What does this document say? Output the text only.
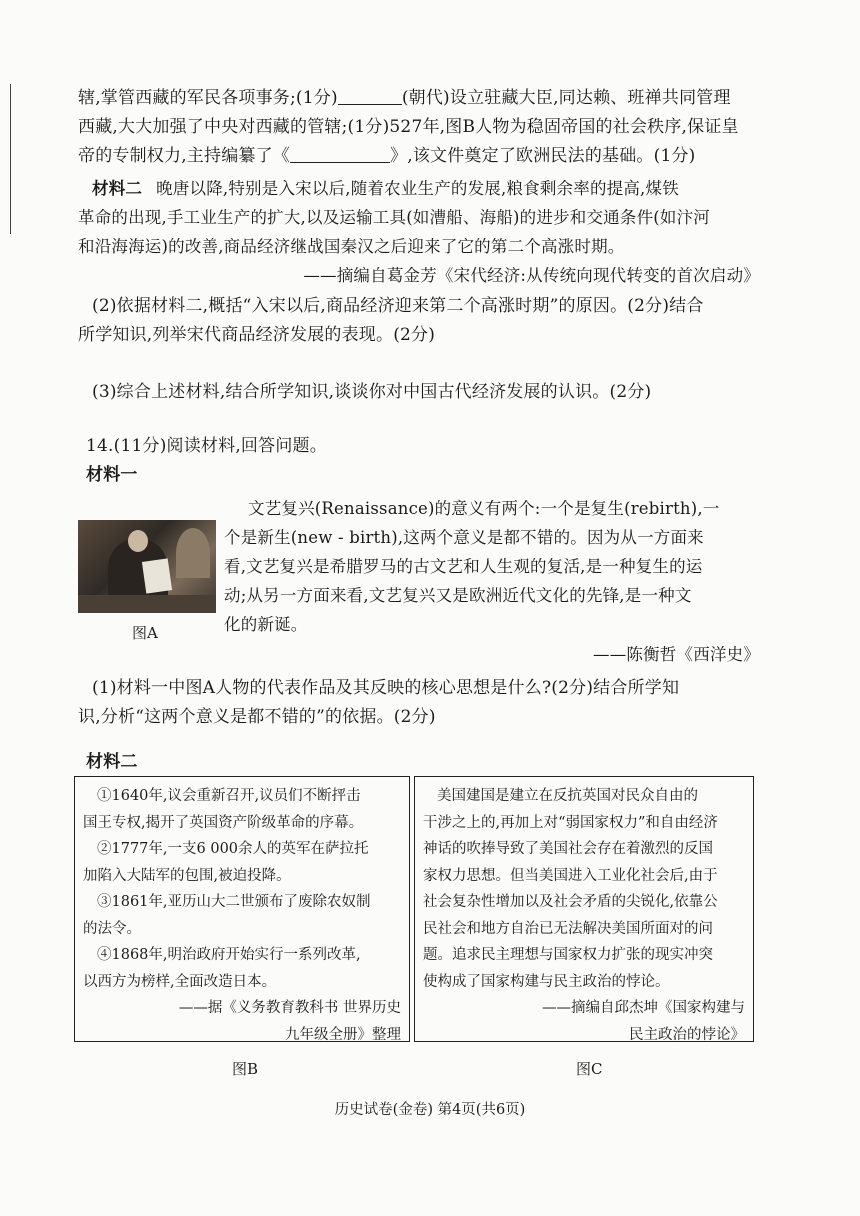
辖,掌管西藏的军民各项事务;(1分)	(朝代)设立驻藏大臣,同达赖、班禅共同管理
西藏,大大加强了中央对西藏的管辖;(1分)527年,图B人物为稳固帝国的社会秩序,保证皇
帝的专制权力,主持编纂了《	》,该文件奠定了欧洲民法的基础。(1分)
材料二 晚唐以降,特别是入宋以后,随着农业生产的发展,粮食剩余率的提高,煤铁
革命的出现,手工业生产的扩大,以及运输工具(如漕船、海船)的进步和交通条件(如汴河
和沿海海运)的改善,商品经济继战国秦汉之后迎来了它的第二个高涨时期。
——摘编自葛金芳《宋代经济:从传统向现代转变的首次启动》
(2)依据材料二,概括“入宋以后,商品经济迎来第二个高涨时期”的原因。(2分)结合
所学知识,列举宋代商品经济发展的表现。(2分)
(3)综合上述材料,结合所学知识,谈谈你对中国古代经济发展的认识。(2分)
14.(11分)阅读材料,回答问题。
材料一
文艺复兴(Renaissance)的意义有两个:一个是复生(rebirth),一
个是新生(new - birth),这两个意义是都不错的。因为从一方面来
看,文艺复兴是希腊罗马的古文艺和人生观的复活,是一种复生的运
动;从另一方面来看,文艺复兴又是欧洲近代文化的先锋,是一种文
化的新诞。
图A
——陈衡哲《西洋史》
(1)材料一中图A人物的代表作品及其反映的核心思想是什么?(2分)结合所学知
识,分析“这两个意义是都不错的”的依据。(2分)
材料二
①1640年,议会重新召开,议员们不断抨击
国王专权,揭开了英国资产阶级革命的序幕。
②1777年,一支6 000余人的英军在萨拉托
加陷入大陆军的包围,被迫投降。
③1861年,亚历山大二世颁布了废除农奴制
的法令。
④1868年,明治政府开始实行一系列改革,
以西方为榜样,全面改造日本。
——据《义务教育教科书 世界历史
九年级全册》整理
图B
美国建国是建立在反抗英国对民众自由的
干涉之上的,再加上对“弱国家权力”和自由经济
神话的吹捧导致了美国社会存在着激烈的反国
家权力思想。但当美国进入工业化社会后,由于
社会复杂性增加以及社会矛盾的尖锐化,依靠公
民社会和地方自治已无法解决美国所面对的问
题。追求民主理想与国家权力扩张的现实冲突
使构成了国家构建与民主政治的悖论。
——摘编自邱杰坤《国家构建与
民主政治的悖论》
图C
历史试卷(金卷) 第4页(共6页)
